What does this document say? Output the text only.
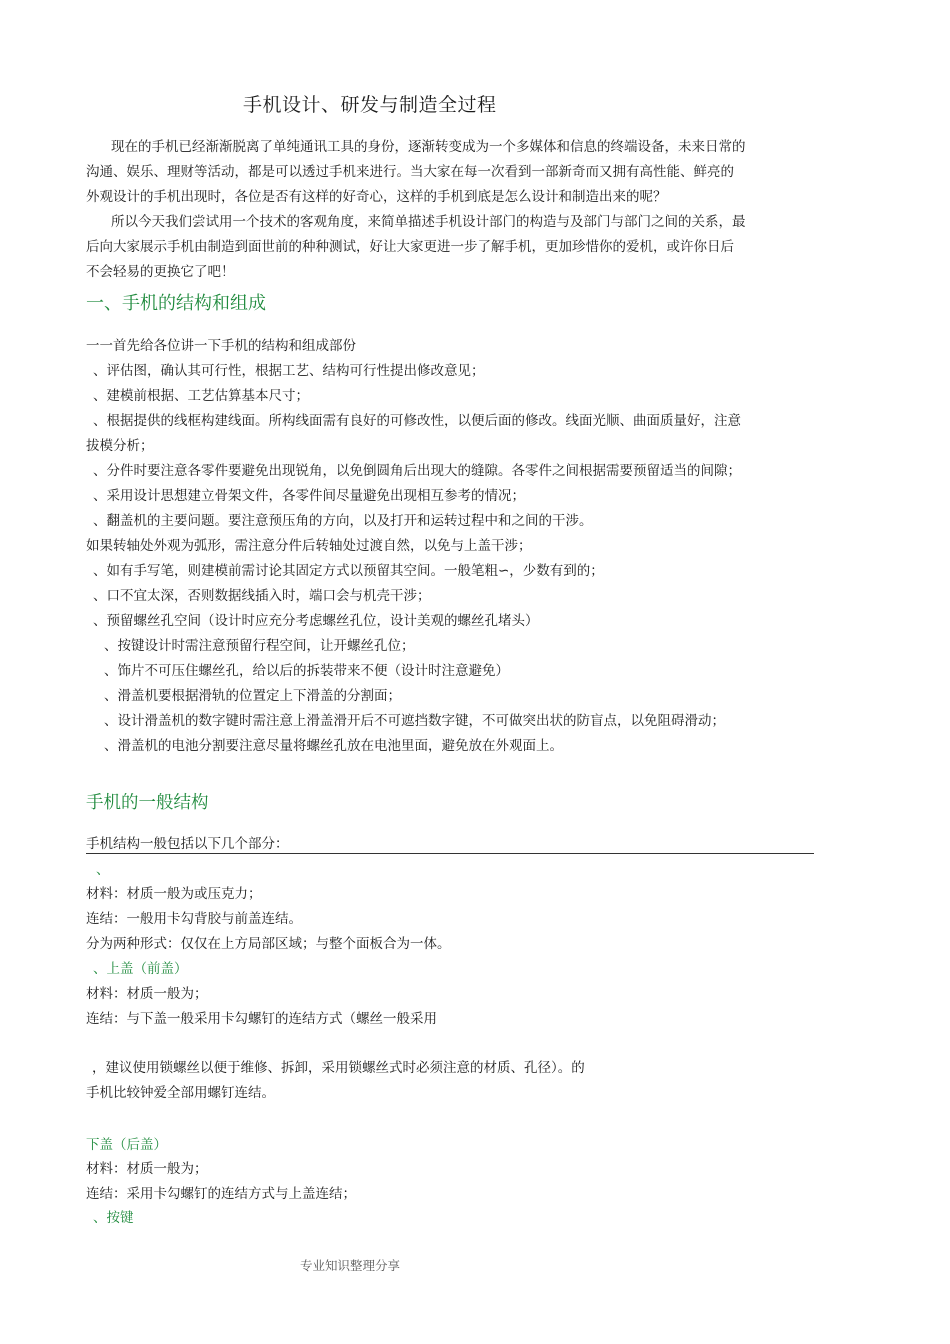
手机设计、研发与制造全过程
现在的手机已经渐渐脱离了单纯通讯工具的身份，逐渐转变成为一个多媒体和信息的终端设备，未来日常的
沟通、娱乐、理财等活动，都是可以透过手机来进行。当大家在每一次看到一部新奇而又拥有高性能、鲜亮的
外观设计的手机出现时，各位是否有这样的好奇心，这样的手机到底是怎么设计和制造出来的呢？
所以今天我们尝试用一个技术的客观角度，来简单描述手机设计部门的构造与及部门与部门之间的关系，最
后向大家展示手机由制造到面世前的种种测试，好让大家更进一步了解手机，更加珍惜你的爱机，或许你日后
不会轻易的更换它了吧！
一、手机的结构和组成
一一首先给各位讲一下手机的结构和组成部份
、评估图，确认其可行性，根据工艺、结构可行性提出修改意见；
、建模前根据、工艺估算基本尺寸；
、根据提供的线框构建线面。所构线面需有良好的可修改性，以便后面的修改。线面光顺、曲面质量好，注意
拔模分析；
、分件时要注意各零件要避免出现锐角，以免倒圆角后出现大的缝隙。各零件之间根据需要预留适当的间隙；
、采用设计思想建立骨架文件，各零件间尽量避免出现相互参考的情况；
、翻盖机的主要问题。要注意预压角的方向，以及打开和运转过程中和之间的干涉。
如果转轴处外观为弧形，需注意分件后转轴处过渡自然，以免与上盖干涉；
、如有手写笔，则建模前需讨论其固定方式以预留其空间。一般笔粗∽，少数有到的；
、口不宜太深，否则数据线插入时，端口会与机壳干涉；
、预留螺丝孔空间（设计时应充分考虑螺丝孔位，设计美观的螺丝孔堵头）
、按键设计时需注意预留行程空间，让开螺丝孔位；
、饰片不可压住螺丝孔，给以后的拆装带来不便（设计时注意避免）
、滑盖机要根据滑轨的位置定上下滑盖的分割面；
、设计滑盖机的数字键时需注意上滑盖滑开后不可遮挡数字键，不可做突出状的防盲点，以免阻碍滑动；
、滑盖机的电池分割要注意尽量将螺丝孔放在电池里面，避免放在外观面上。
手机的一般结构
手机结构一般包括以下几个部分：
、
材料：材质一般为或压克力；
连结：一般用卡勾背胶与前盖连结。
分为两种形式：仅仅在上方局部区域；与整个面板合为一体。
、上盖（前盖）
材料：材质一般为；
连结：与下盖一般采用卡勾螺钉的连结方式（螺丝一般采用
，建议使用锁螺丝以便于维修、拆卸，采用锁螺丝式时必须注意的材质、孔径）。的
手机比较钟爱全部用螺钉连结。
下盖（后盖）
材料：材质一般为；
连结：采用卡勾螺钉的连结方式与上盖连结；
、按键
专业知识整理分享
